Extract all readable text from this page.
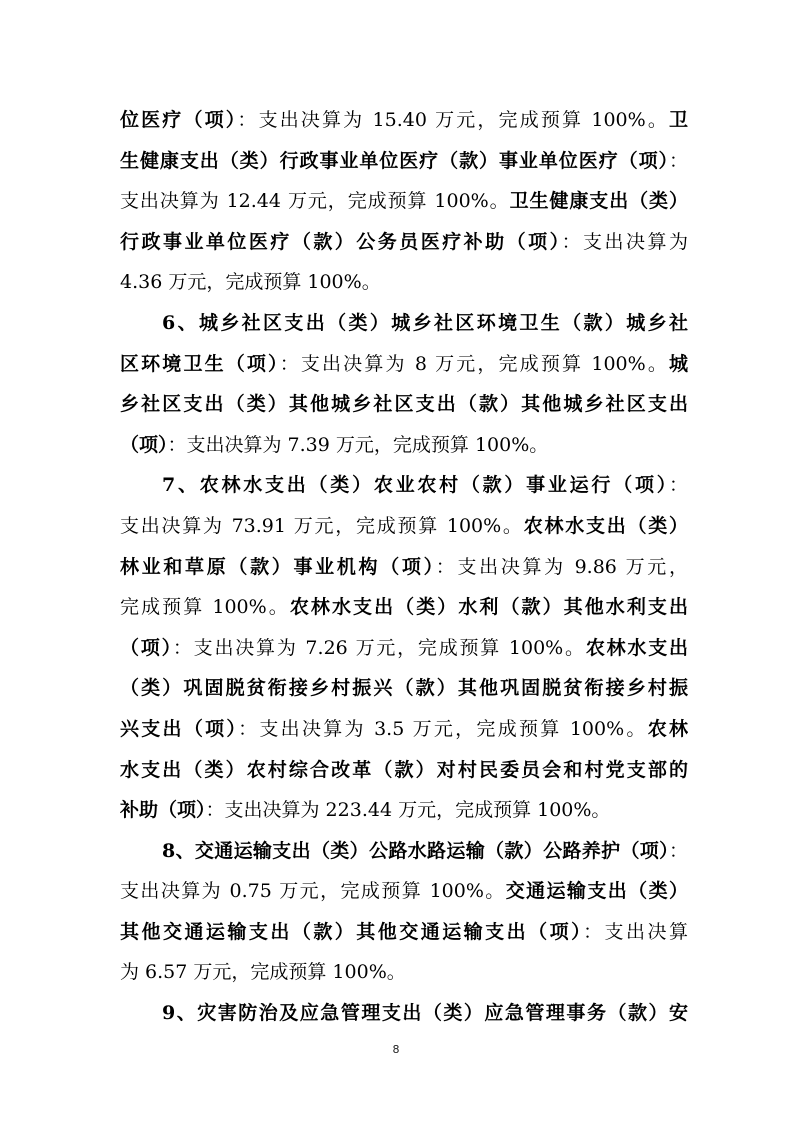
位医疗（项）：支出决算为 15.40 万元，完成预算 100%。卫
生健康支出（类）行政事业单位医疗（款）事业单位医疗（项）：
支出决算为 12.44 万元，完成预算 100%。卫生健康支出（类）
行政事业单位医疗（款）公务员医疗补助（项）：支出决算为
4.36 万元，完成预算 100%。
6、城乡社区支出（类）城乡社区环境卫生（款）城乡社
区环境卫生（项）：支出决算为 8 万元，完成预算 100%。城
乡社区支出（类）其他城乡社区支出（款）其他城乡社区支出
（项）：支出决算为 7.39 万元，完成预算 100%。
7、农林水支出（类）农业农村（款）事业运行（项）：
支出决算为 73.91 万元，完成预算 100%。农林水支出（类）
林业和草原（款）事业机构（项）：支出决算为 9.86 万元，
完成预算 100%。农林水支出（类）水利（款）其他水利支出
（项）：支出决算为 7.26 万元，完成预算 100%。农林水支出
（类）巩固脱贫衔接乡村振兴（款）其他巩固脱贫衔接乡村振
兴支出（项）：支出决算为 3.5 万元，完成预算 100%。农林
水支出（类）农村综合改革（款）对村民委员会和村党支部的
补助（项）：支出决算为 223.44 万元，完成预算 100%。
8、交通运输支出（类）公路水路运输（款）公路养护（项）：
支出决算为 0.75 万元，完成预算 100%。交通运输支出（类）
其他交通运输支出（款）其他交通运输支出（项）：支出决算
为 6.57 万元，完成预算 100%。
9、灾害防治及应急管理支出（类）应急管理事务（款）安
8
